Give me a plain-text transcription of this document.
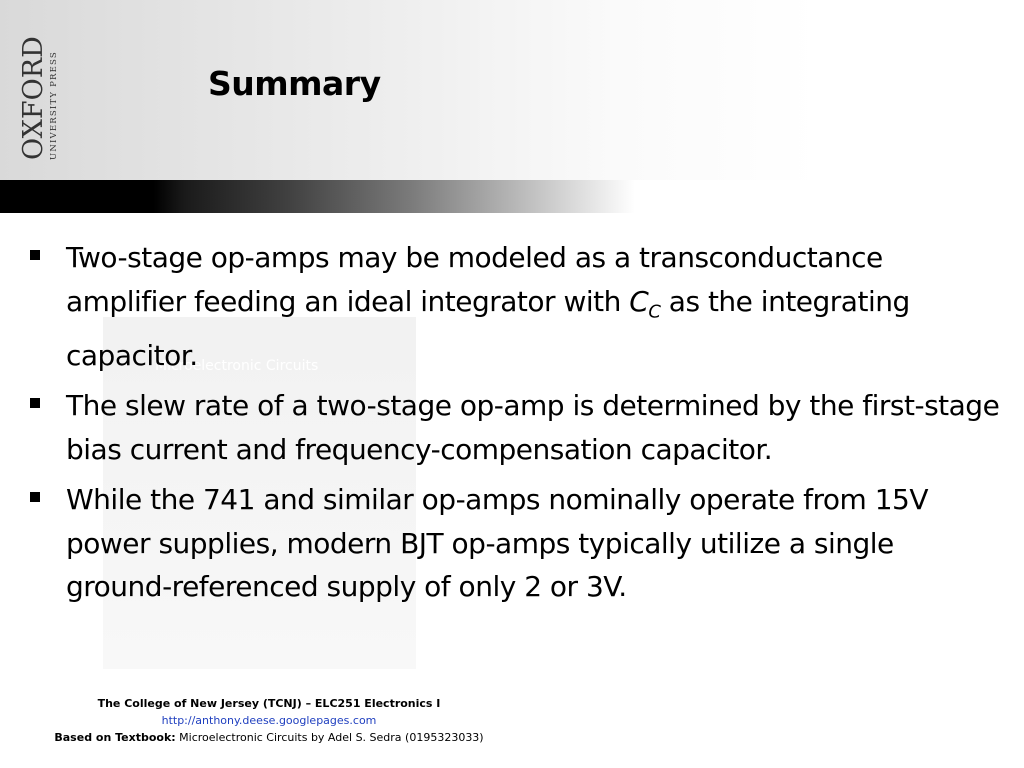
OXFORD UNIVERSITY PRESS	Summary
Microelectronic Circuits
Two-stage op-amps may be modeled as a transconductance amplifier feeding an ideal integrator with $C_C$ as the integrating capacitor.
The slew rate of a two-stage op-amp is determined by the first-stage bias current and frequency-compensation capacitor.
While the 741 and similar op-amps nominally operate from 15V power supplies, modern BJT op-amps typically utilize a single ground-referenced supply of only 2 or 3V.
The College of New Jersey (TCNJ) – ELC251 Electronics I
http://anthony.deese.googlepages.com
Based on Textbook: Microelectronic Circuits by Adel S. Sedra (0195323033)
